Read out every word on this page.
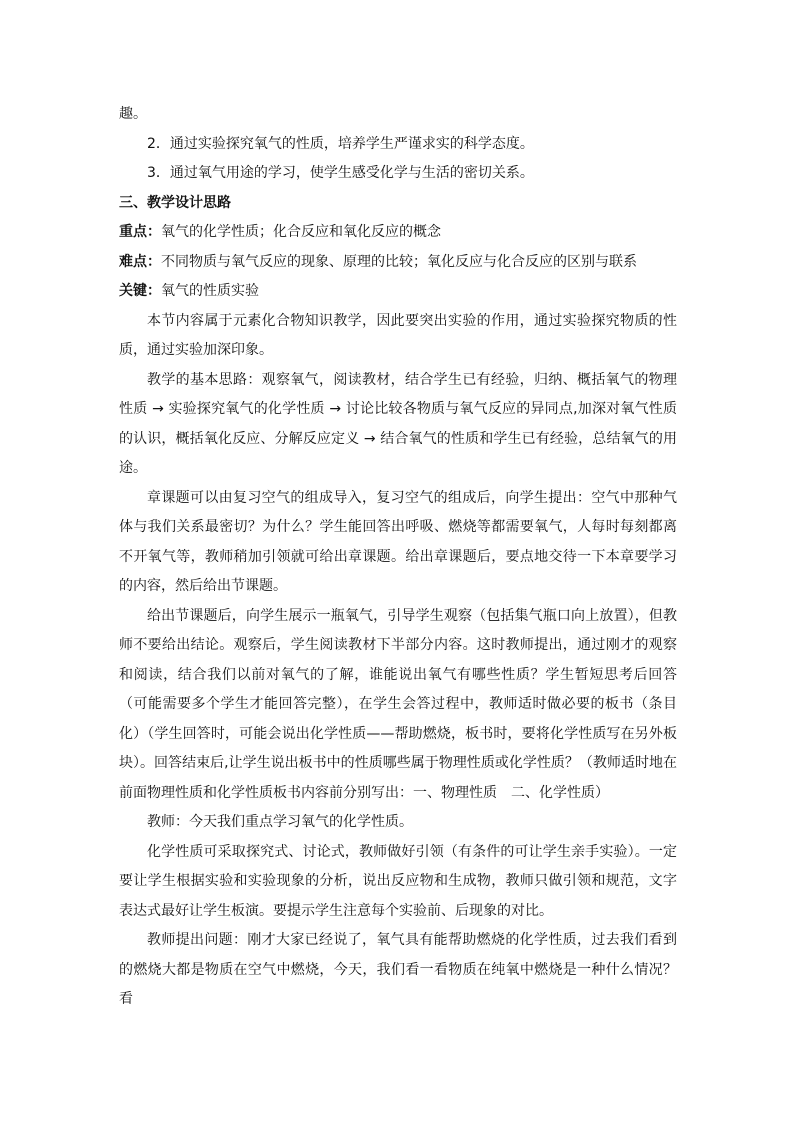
趣。

2．通过实验探究氧气的性质，培养学生严谨求实的科学态度。

3．通过氧气用途的学习，使学生感受化学与生活的密切关系。

三、教学设计思路

重点：氧气的化学性质；化合反应和氧化反应的概念

难点：不同物质与氧气反应的现象、原理的比较；氧化反应与化合反应的区别与联系

关键：氧气的性质实验

本节内容属于元素化合物知识教学，因此要突出实验的作用，通过实验探究物质的性质，通过实验加深印象。

教学的基本思路：观察氧气，阅读教材，结合学生已有经验，归纳、概括氧气的物理性质 → 实验探究氧气的化学性质 → 讨论比较各物质与氧气反应的异同点,加深对氧气性质的认识，概括氧化反应、分解反应定义 → 结合氧气的性质和学生已有经验，总结氧气的用途。

章课题可以由复习空气的组成导入，复习空气的组成后，向学生提出：空气中那种气体与我们关系最密切？为什么？学生能回答出呼吸、燃烧等都需要氧气，人每时每刻都离不开氧气等，教师稍加引领就可给出章课题。给出章课题后，要点地交待一下本章要学习的内容，然后给出节课题。

给出节课题后，向学生展示一瓶氧气，引导学生观察（包括集气瓶口向上放置），但教师不要给出结论。观察后，学生阅读教材下半部分内容。这时教师提出，通过刚才的观察和阅读，结合我们以前对氧气的了解，谁能说出氧气有哪些性质？学生暂短思考后回答（可能需要多个学生才能回答完整），在学生会答过程中，教师适时做必要的板书（条目化）（学生回答时，可能会说出化学性质——帮助燃烧，板书时，要将化学性质写在另外板块）。回答结束后,让学生说出板书中的性质哪些属于物理性质或化学性质？（教师适时地在前面物理性质和化学性质板书内容前分别写出：一、物理性质　二、化学性质）

教师：今天我们重点学习氧气的化学性质。

化学性质可采取探究式、讨论式，教师做好引领（有条件的可让学生亲手实验）。一定要让学生根据实验和实验现象的分析，说出反应物和生成物，教师只做引领和规范，文字表达式最好让学生板演。要提示学生注意每个实验前、后现象的对比。

教师提出问题：刚才大家已经说了，氧气具有能帮助燃烧的化学性质，过去我们看到的燃烧大都是物质在空气中燃烧，今天，我们看一看物质在纯氧中燃烧是一种什么情况？看
